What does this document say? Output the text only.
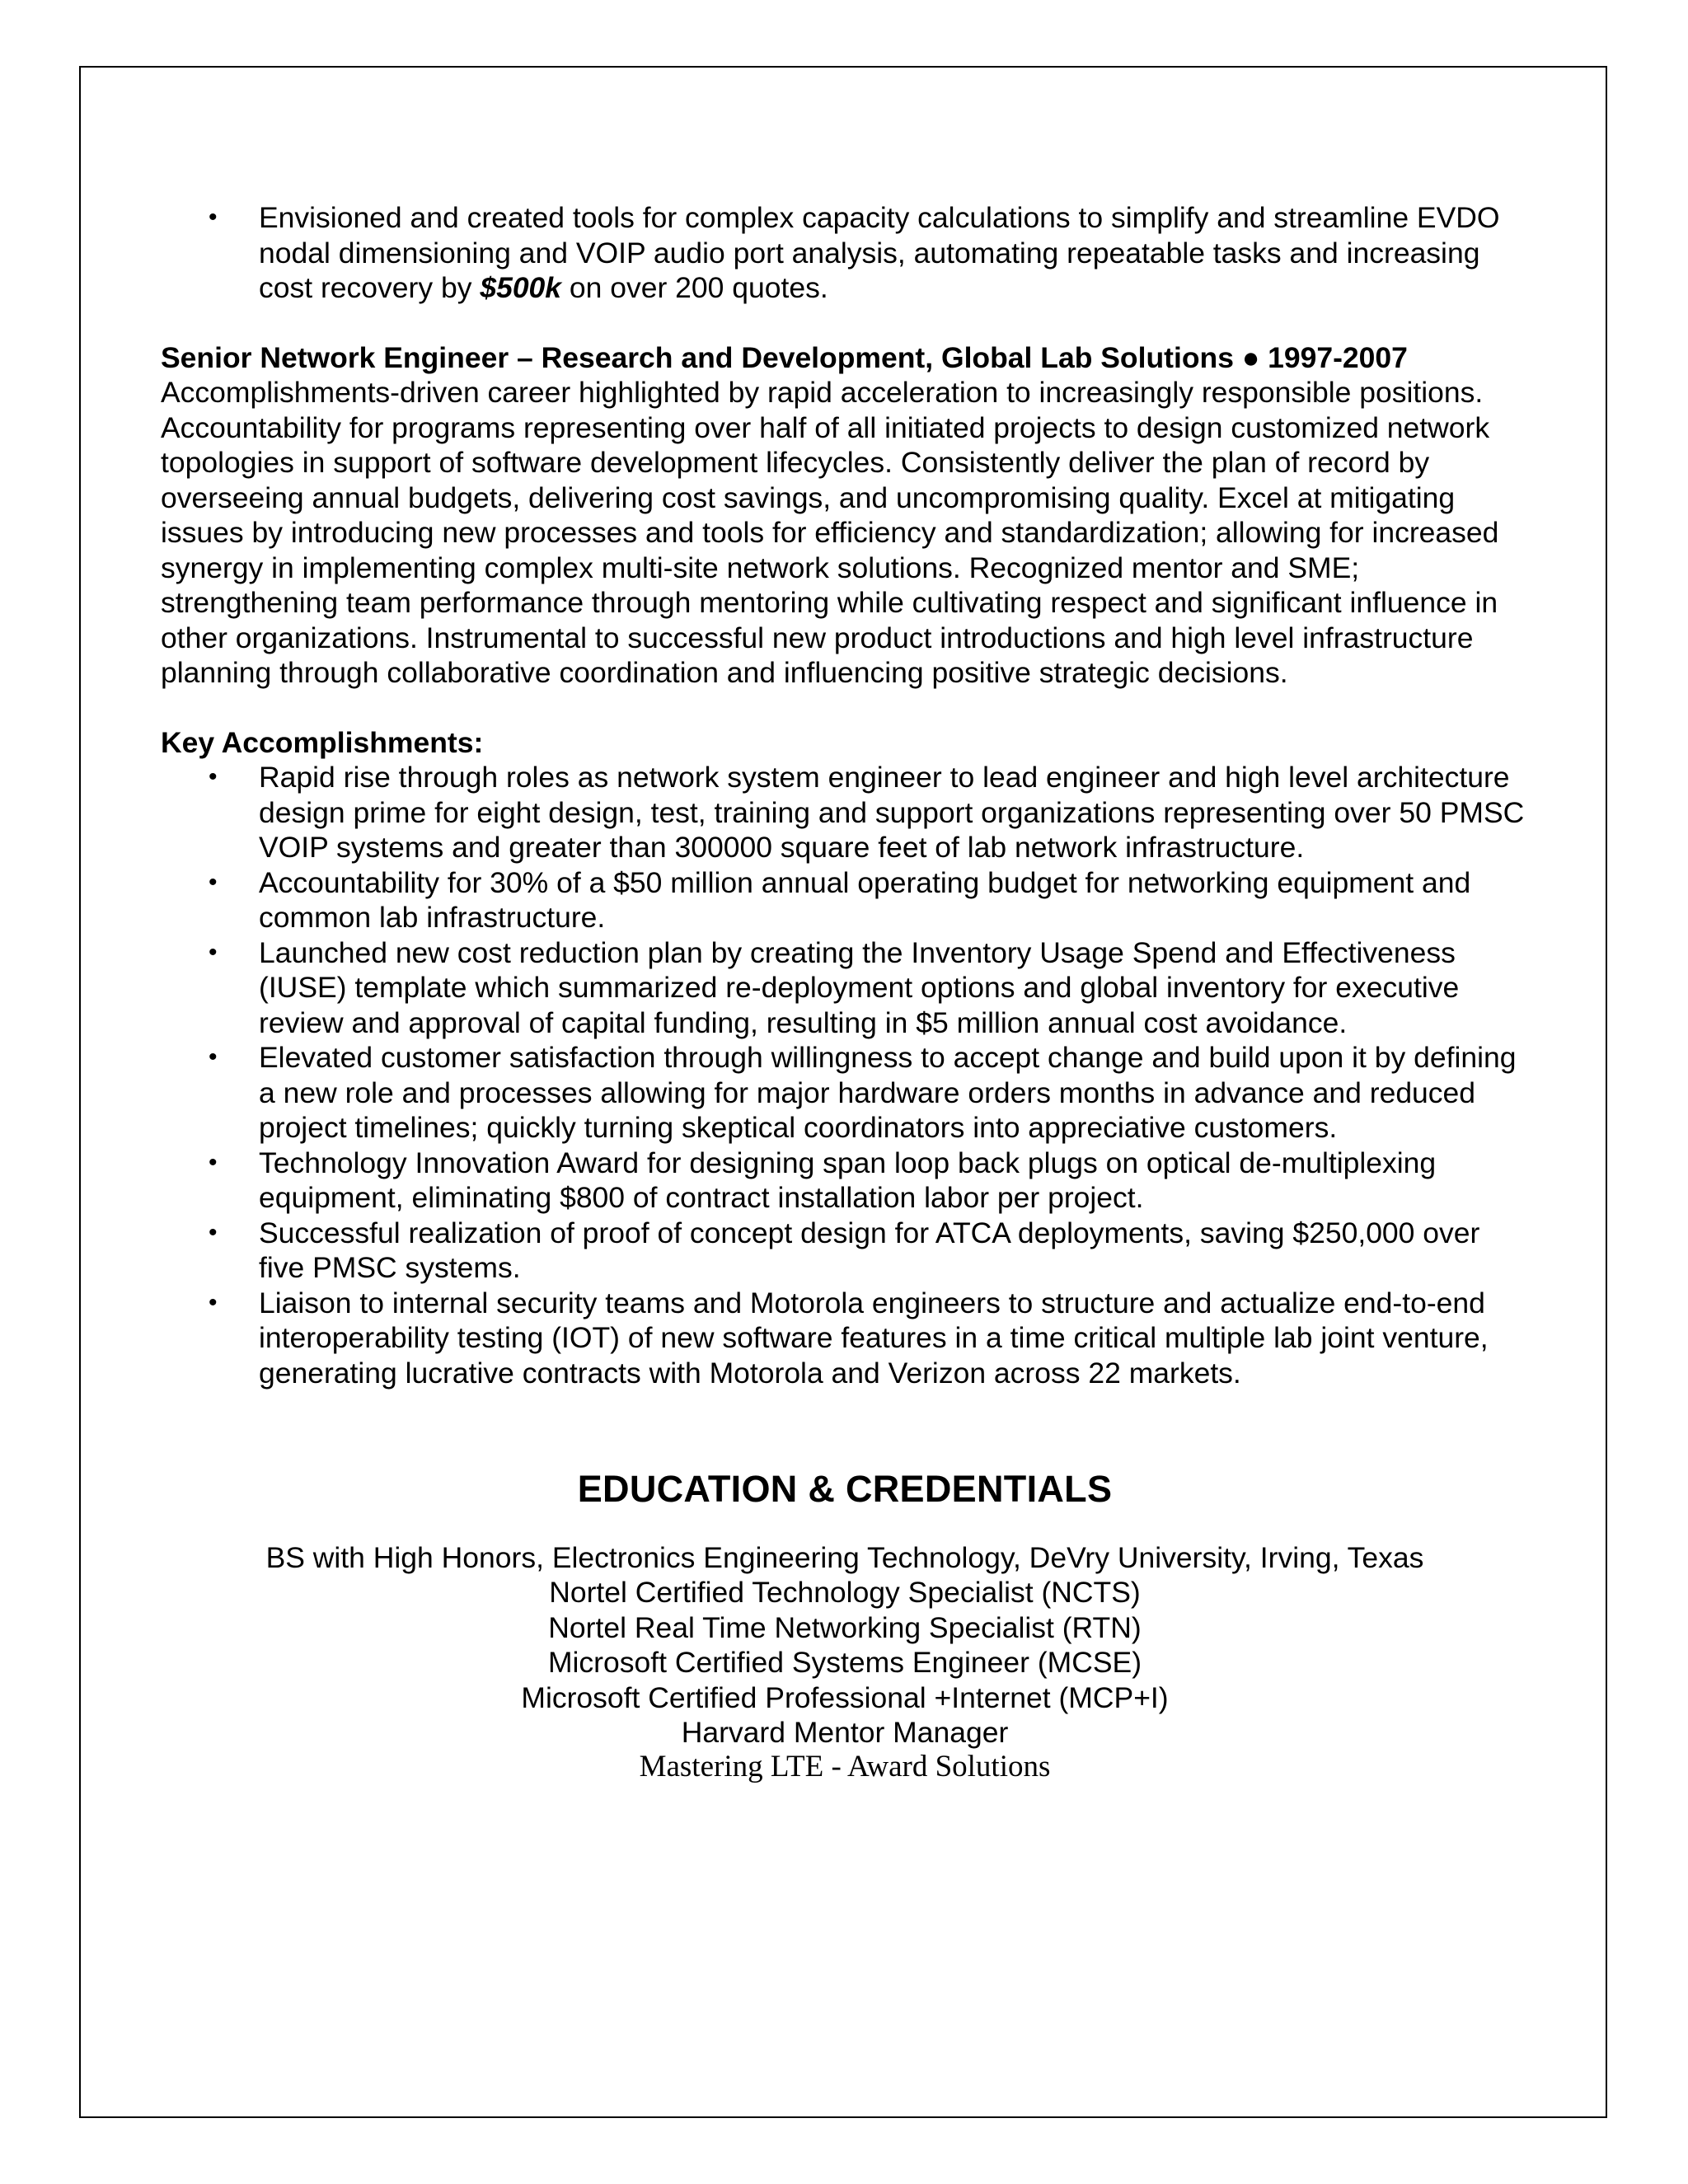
• Envisioned and created tools for complex capacity calculations to simplify and streamline EVDO nodal dimensioning and VOIP audio port analysis, automating repeatable tasks and increasing cost recovery by $500k on over 200 quotes.
Senior Network Engineer – Research and Development, Global Lab Solutions ● 1997-2007

Accomplishments-driven career highlighted by rapid acceleration to increasingly responsible positions. Accountability for programs representing over half of all initiated projects to design customized network topologies in support of software development lifecycles. Consistently deliver the plan of record by overseeing annual budgets, delivering cost savings, and uncompromising quality. Excel at mitigating issues by introducing new processes and tools for efficiency and standardization; allowing for increased synergy in implementing complex multi-site network solutions. Recognized mentor and SME; strengthening team performance through mentoring while cultivating respect and significant influence in other organizations. Instrumental to successful new product introductions and high level infrastructure planning through collaborative coordination and influencing positive strategic decisions.

Key Accomplishments:
• Rapid rise through roles as network system engineer to lead engineer and high level architecture design prime for eight design, test, training and support organizations representing over 50 PMSC VOIP systems and greater than 300000 square feet of lab network infrastructure.
• Accountability for 30% of a $50 million annual operating budget for networking equipment and common lab infrastructure.
• Launched new cost reduction plan by creating the Inventory Usage Spend and Effectiveness (IUSE) template which summarized re-deployment options and global inventory for executive review and approval of capital funding, resulting in $5 million annual cost avoidance.
• Elevated customer satisfaction through willingness to accept change and build upon it by defining a new role and processes allowing for major hardware orders months in advance and reduced project timelines; quickly turning skeptical coordinators into appreciative customers.
• Technology Innovation Award for designing span loop back plugs on optical de-multiplexing equipment, eliminating $800 of contract installation labor per project.
• Successful realization of proof of concept design for ATCA deployments, saving $250,000 over five PMSC systems.
• Liaison to internal security teams and Motorola engineers to structure and actualize end-to-end interoperability testing (IOT) of new software features in a time critical multiple lab joint venture, generating lucrative contracts with Motorola and Verizon across 22 markets.
EDUCATION & CREDENTIALS
BS with High Honors, Electronics Engineering Technology, DeVry University, Irving, Texas
Nortel Certified Technology Specialist (NCTS)
Nortel Real Time Networking Specialist (RTN)
Microsoft Certified Systems Engineer (MCSE)
Microsoft Certified Professional +Internet (MCP+I)
Harvard Mentor Manager
Mastering LTE - Award Solutions
